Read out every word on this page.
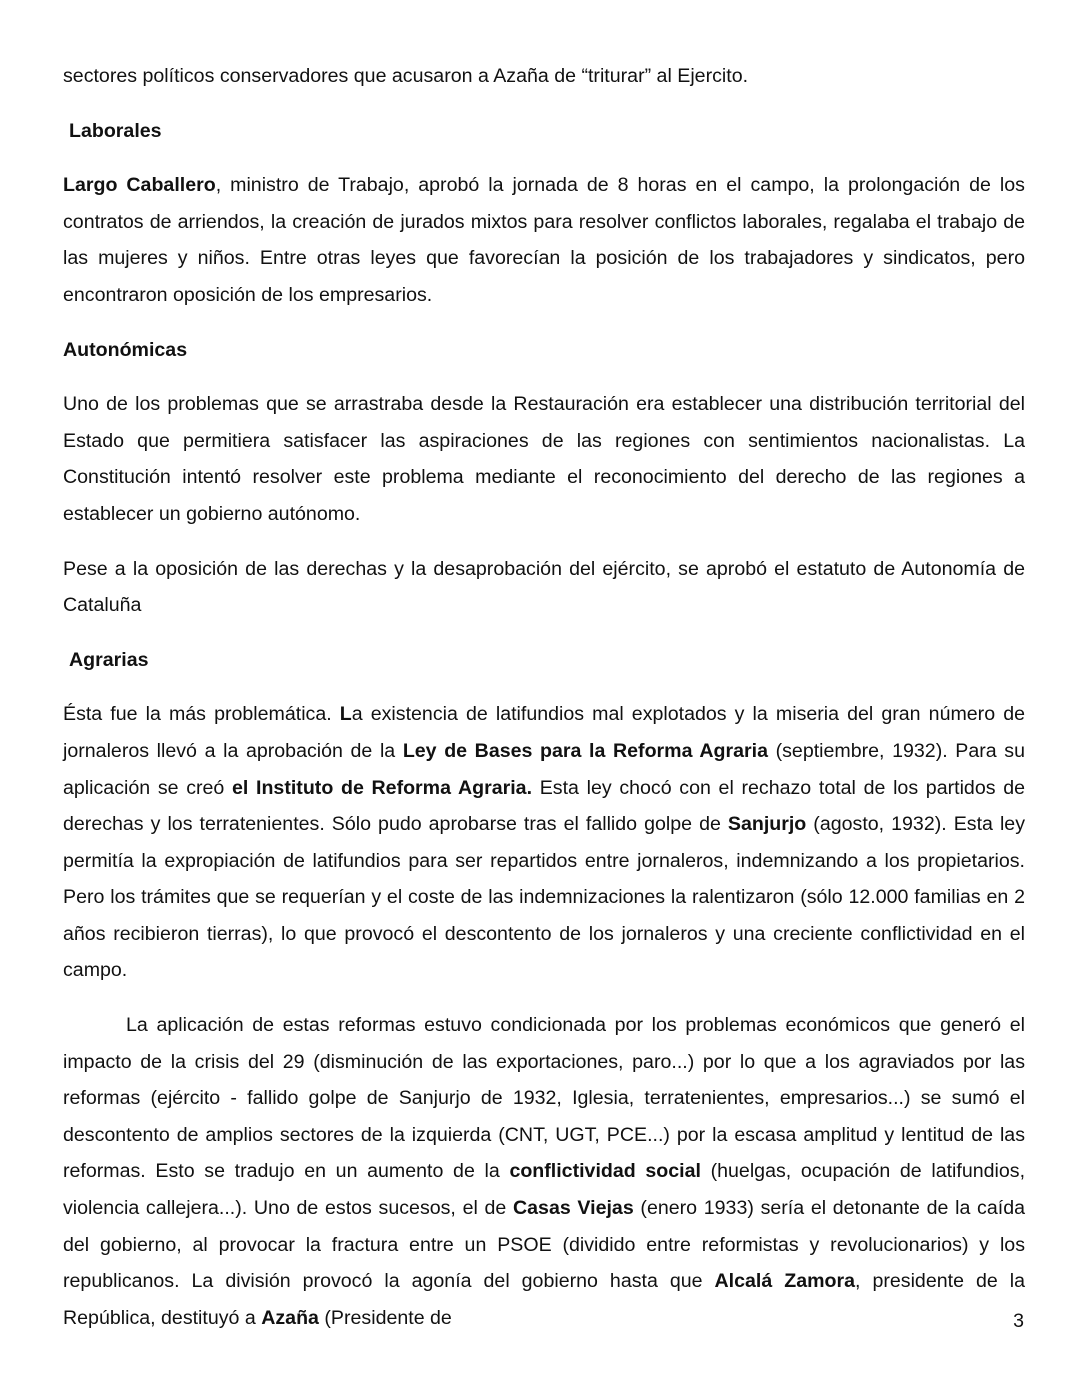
sectores políticos conservadores que acusaron a Azaña de “triturar” al Ejercito.

Laborales

Largo Caballero, ministro de Trabajo, aprobó la jornada de 8 horas en el campo, la prolongación de los contratos de arriendos, la creación de jurados mixtos para resolver conflictos laborales, regalaba el trabajo de las mujeres y niños. Entre otras leyes que favorecían la posición de los trabajadores y sindicatos, pero encontraron oposición de los empresarios.

Autonómicas

Uno de los problemas que se arrastraba desde la Restauración era establecer una distribución territorial del Estado que permitiera satisfacer las aspiraciones de las regiones con sentimientos nacionalistas. La Constitución intentó resolver este problema mediante el reconocimiento del derecho de las regiones a establecer un gobierno autónomo.

Pese a la oposición de las derechas y la desaprobación del ejército, se aprobó el estatuto de Autonomía de Cataluña

Agrarias

Ésta fue la más problemática. La existencia de latifundios mal explotados y la miseria del gran número de jornaleros llevó a la aprobación de la Ley de Bases para la Reforma Agraria (septiembre, 1932). Para su aplicación se creó el Instituto de Reforma Agraria. Esta ley chocó con el rechazo total de los partidos de derechas y los terratenientes. Sólo pudo aprobarse tras el fallido golpe de Sanjurjo (agosto, 1932). Esta ley permitía la expropiación de latifundios para ser repartidos entre jornaleros, indemnizando a los propietarios. Pero los trámites que se requerían y el coste de las indemnizaciones la ralentizaron (sólo 12.000 familias en 2 años recibieron tierras), lo que provocó el descontento de los jornaleros y una creciente conflictividad en el campo.

La aplicación de estas reformas estuvo condicionada por los problemas económicos que generó el impacto de la crisis del 29 (disminución de las exportaciones, paro...) por lo que a los agraviados por las reformas (ejército - fallido golpe de Sanjurjo de 1932, Iglesia, terratenientes, empresarios...) se sumó el descontento de amplios sectores de la izquierda (CNT, UGT, PCE...) por la escasa amplitud y lentitud de las reformas. Esto se tradujo en un aumento de la conflictividad social (huelgas, ocupación de latifundios, violencia callejera...). Uno de estos sucesos, el de Casas Viejas (enero 1933) sería el detonante de la caída del gobierno, al provocar la fractura entre un PSOE (dividido entre reformistas y revolucionarios) y los republicanos. La división provocó la agonía del gobierno hasta que Alcalá Zamora, presidente de la República, destituyó a Azaña (Presidente de	3
